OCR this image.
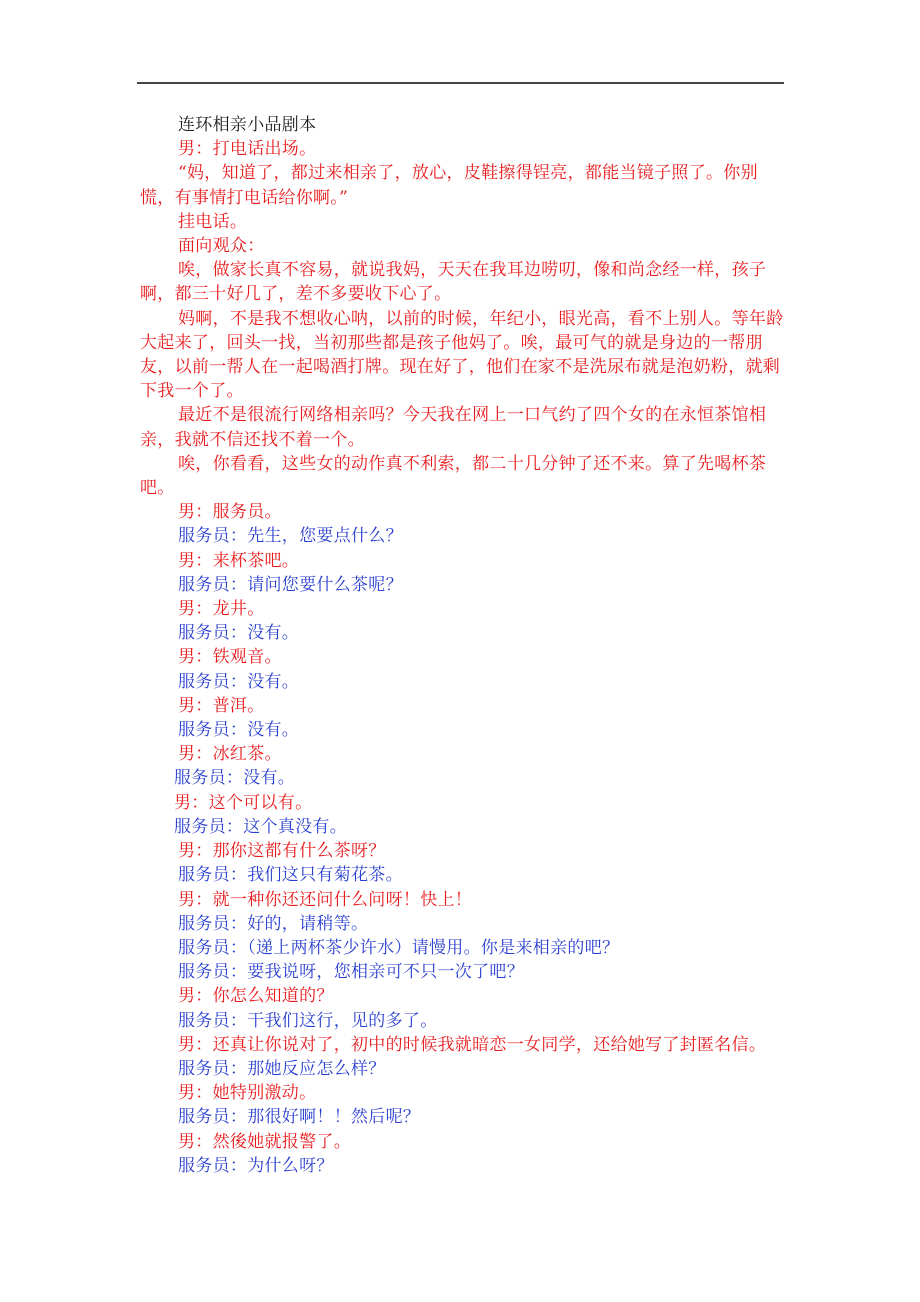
连环相亲小品剧本

男：打电话出场。

“妈，知道了，都过来相亲了，放心，皮鞋擦得锃亮，都能当镜子照了。你别慌，有事情打电话给你啊。”

挂电话。

面向观众：

唉，做家长真不容易，就说我妈，天天在我耳边唠叨，像和尚念经一样，孩子啊，都三十好几了，差不多要收下心了。

妈啊，不是我不想收心呐，以前的时候，年纪小，眼光高，看不上别人。等年龄大起来了，回头一找，当初那些都是孩子他妈了。唉，最可气的就是身边的一帮朋友，以前一帮人在一起喝酒打牌。现在好了，他们在家不是洗尿布就是泡奶粉，就剩下我一个了。

最近不是很流行网络相亲吗？今天我在网上一口气约了四个女的在永恒茶馆相亲，我就不信还找不着一个。

唉，你看看，这些女的动作真不利索，都二十几分钟了还不来。算了先喝杯茶吧。

男：服务员。

服务员：先生，您要点什么？

男：来杯茶吧。

服务员：请问您要什么茶呢？

男：龙井。

服务员：没有。

男：铁观音。

服务员：没有。

男：普洱。

服务员：没有。

男：冰红茶。

服务员：没有。

男：这个可以有。

服务员：这个真没有。

男：那你这都有什么茶呀？

服务员：我们这只有菊花茶。

男：就一种你还还问什么问呀！快上！

服务员：好的，请稍等。

服务员：（递上两杯茶少许水）请慢用。你是来相亲的吧？

服务员：要我说呀，您相亲可不只一次了吧？

男：你怎么知道的？

服务员：干我们这行，见的多了。

男：还真让你说对了，初中的时候我就暗恋一女同学，还给她写了封匿名信。

服务员：那她反应怎么样？

男：她特别激动。

服务员：那很好啊！！然后呢？

男：然後她就报警了。

服务员：为什么呀？
